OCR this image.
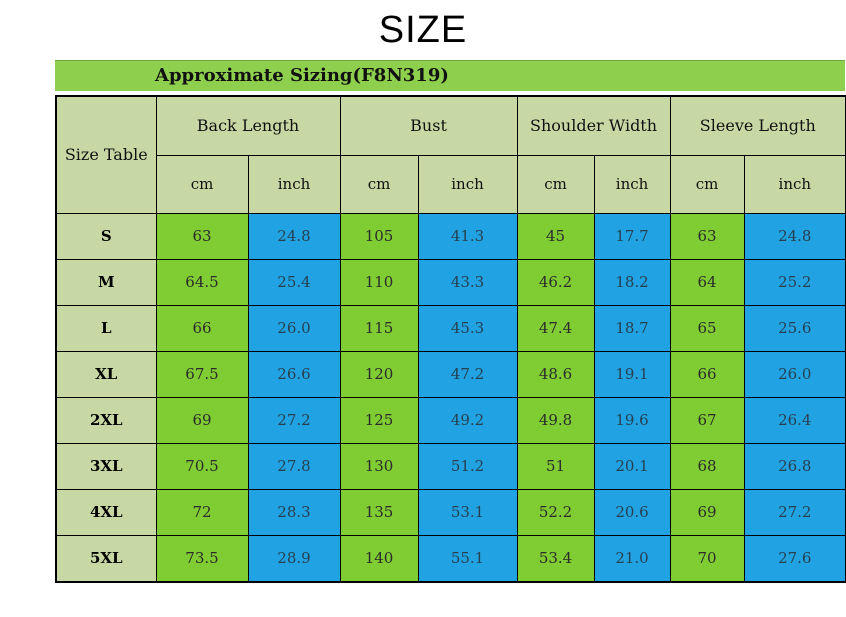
SIZE
Approximate Sizing(F8N319)
Size Table	Back Length		Bust		Shoulder Width		Sleeve Length	
	cm	inch	cm	inch	cm	inch	cm	inch
S	63	24.8	105	41.3	45	17.7	63	24.8
M	64.5	25.4	110	43.3	46.2	18.2	64	25.2
L	66	26.0	115	45.3	47.4	18.7	65	25.6
XL	67.5	26.6	120	47.2	48.6	19.1	66	26.0
2XL	69	27.2	125	49.2	49.8	19.6	67	26.4
3XL	70.5	27.8	130	51.2	51	20.1	68	26.8
4XL	72	28.3	135	53.1	52.2	20.6	69	27.2
5XL	73.5	28.9	140	55.1	53.4	21.0	70	27.6
